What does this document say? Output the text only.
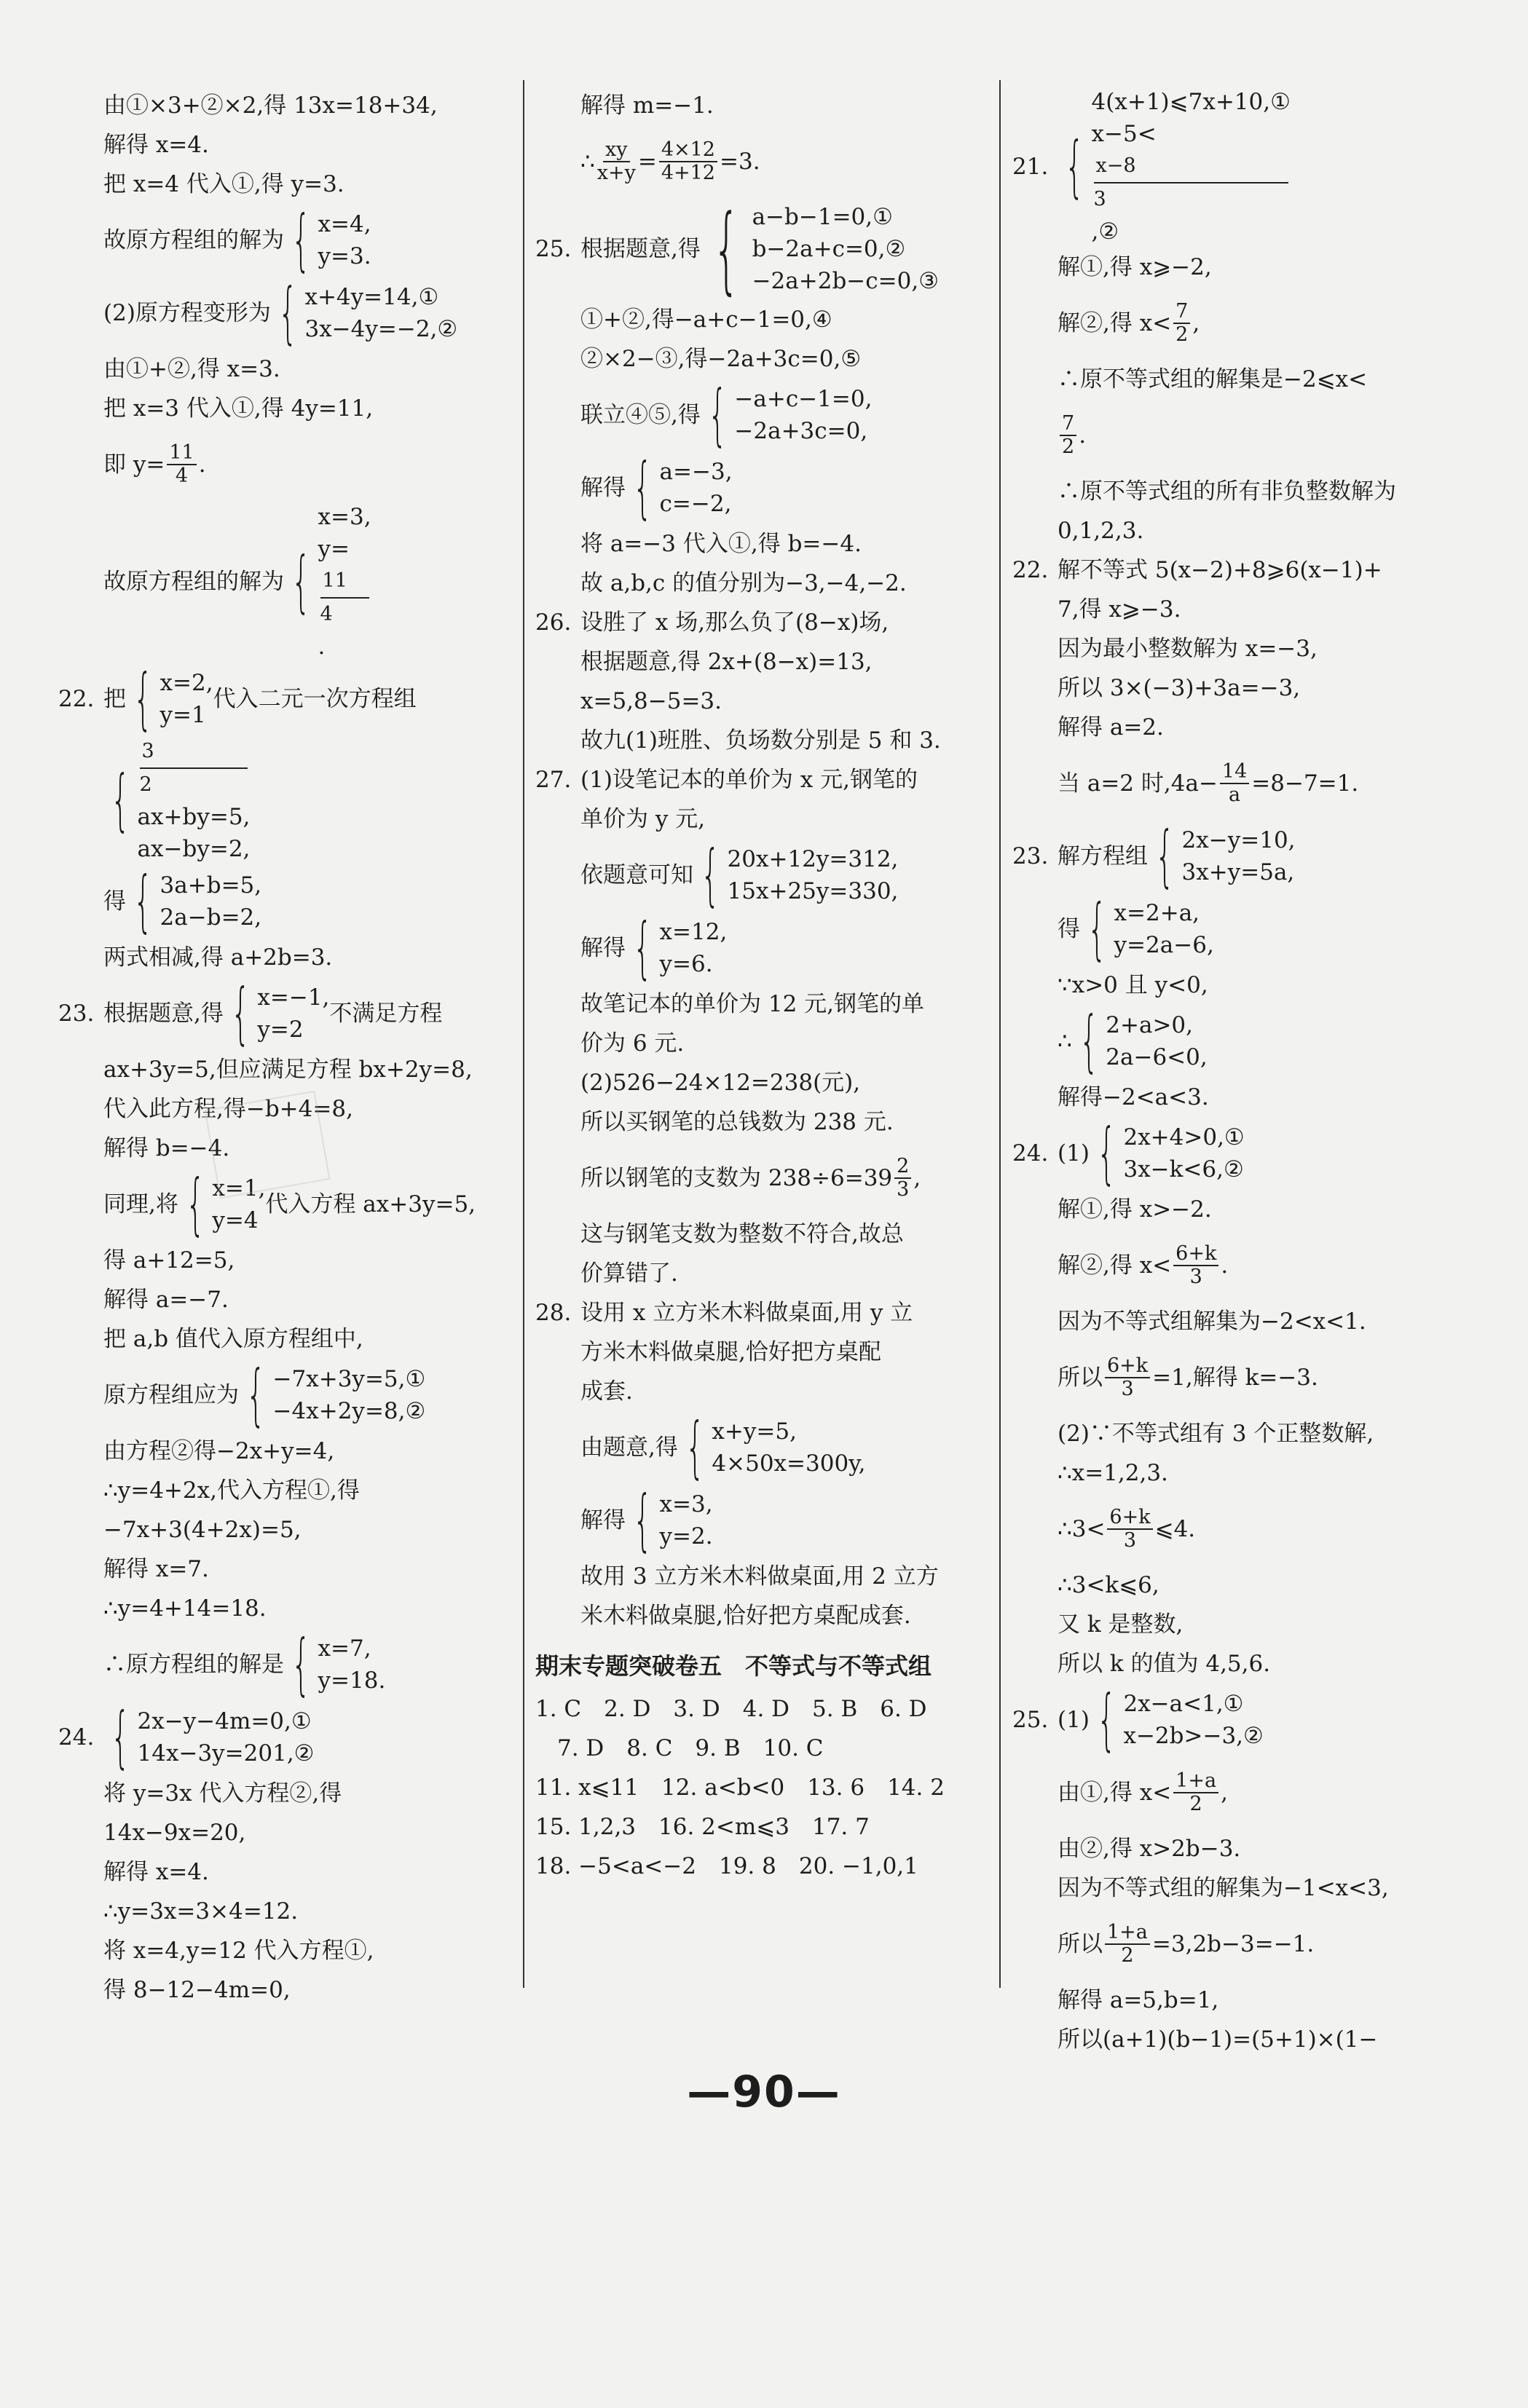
由①×3+②×2,得 13x=18+34,
解得 x=4.
把 x=4 代入①,得 y=3.
故原方程组的解为 { x=4,
y=3.
(2)原方程变形为 { x+4y=14,①
3x−4y=−2,②
由①+②,得 x=3.
把 x=3 代入①,得 4y=11,
即 $y= \frac{11}{4}$ .
故原方程组的解为 {
x=3,
y=
11
4
.
22. 把 { x=2,
y=1
代入二元一次方程组
{
3
2
ax+by=5,
ax−by=2,
得 { 3a+b=5,
2a−b=2,
两式相减,得 a+2b=3.
23. 根据题意,得 { x=−1,
y=2
不满足方程
ax+3y=5,但应满足方程 bx+2y=8,
代入此方程,得−b+4=8,
解得 b=−4.
同理,将 { x=1,
y=4
代入方程 ax+3y=5,
得 a+12=5,
解得 a=−7.
把 a,b 值代入原方程组中,
原方程组应为 { −7x+3y=5,①
−4x+2y=8,②
由方程②得−2x+y=4,
∴y=4+2x,代入方程①,得
−7x+3(4+2x)=5,
解得 x=7.
∴y=4+14=18.
∴原方程组的解是 { x=7,
y=18.
24. { 2x−y−4m=0,①
14x−3y=201,②
将 y=3x 代入方程②,得
14x−9x=20,
解得 x=4.
∴y=3x=3×4=12.
将 x=4,y=12 代入方程①,
得 8−12−4m=0,
解得 m=−1.
∴ $\frac{xy}{x+y} = \frac{4\times 12}{4+12} =3$.
25. 根据题意,得 { a−b−1=0,①
b−2a+c=0,②
−2a+2b−c=0,③
①+②,得−a+c−1=0,④
②×2−③,得−2a+3c=0,⑤
联立④⑤,得 { −a+c−1=0,
−2a+3c=0,
解得 { a=−3,
c=−2,
将 a=−3 代入①,得 b=−4.
故 a,b,c 的值分别为−3,−4,−2.
26. 设胜了 x 场,那么负了(8−x)场,
根据题意,得 2x+(8−x)=13,
x=5,8−5=3.
故九(1)班胜、负场数分别是 5 和 3.
27. (1)设笔记本的单价为 x 元,钢笔的
单价为 y 元,
依题意可知 { 20x+12y=312,
15x+25y=330,
解得 { x=12,
y=6.
故笔记本的单价为 12 元,钢笔的单
价为 6 元.
(2)526−24×12=238(元),
所以买钢笔的总钱数为 238 元.
所以钢笔的支数为 $238\div 6=39 \frac{2}{3}$ ,
这与钢笔支数为整数不符合,故总
价算错了.
28. 设用 x 立方米木料做桌面,用 y 立
方米木料做桌腿,恰好把方桌配
成套.
由题意,得 { x+y=5,
4×50x=300y,
解得 { x=3,
y=2.
故用 3 立方米木料做桌面,用 2 立方
米木料做桌腿,恰好把方桌配成套.
期末专题突破卷五　不等式与不等式组
1. C　2. D　3. D　4. D　5. B　6. D
7. D　8. C　9. B　10. C
11. x⩽11　12. a<b<0　13. 6　14. 2
15. 1,2,3　16. 2<m⩽3　17. 7
18. −5<a<−2　19. 8　20. −1,0,1
21. {
4(x+1)⩽7x+10,①
x−5<
x−8
3
,②
解①,得 x⩾−2,
解②,得 $x< \frac{7}{2}$ ,
∴原不等式组的解集是−2⩽x<
$\frac{7}{2}$ .
∴原不等式组的所有非负整数解为
0,1,2,3.
22. 解不等式 5(x−2)+8⩾6(x−1)+
7,得 x⩾−3.
因为最小整数解为 x=−3,
所以 3×(−3)+3a=−3,
解得 a=2.
当 a=2 时$,4a- \frac{14}{a} =8-7=1$.
23. 解方程组 { 2x−y=10,
3x+y=5a,
得 { x=2+a,
y=2a−6,
∵x>0 且 y<0,
∴ { 2+a>0,
2a−6<0,
解得−2<a<3.
24. (1) { 2x+4>0,①
3x−k<6,②
解①,得 x>−2.
解②,得 $x< \frac{6+k}{3}$ .
因为不等式组解集为−2<x<1.
所以 $\frac{6+k}{3} =1$,解得 k=−3.
(2)∵不等式组有 3 个正整数解,
∴x=1,2,3.
∴3< $\frac{6+k}{3}$ ⩽4.
∴3<k⩽6,
又 k 是整数,
所以 k 的值为 4,5,6.
25. (1) { 2x−a<1,①
x−2b>−3,②
由①,得 $x< \frac{1+a}{2}$ ,
由②,得 x>2b−3.
因为不等式组的解集为−1<x<3,
所以 $\frac{1+a}{2} =3,2b-3=-1$.
解得 a=5,b=1,
所以(a+1)(b−1)=(5+1)×(1−
—90—
